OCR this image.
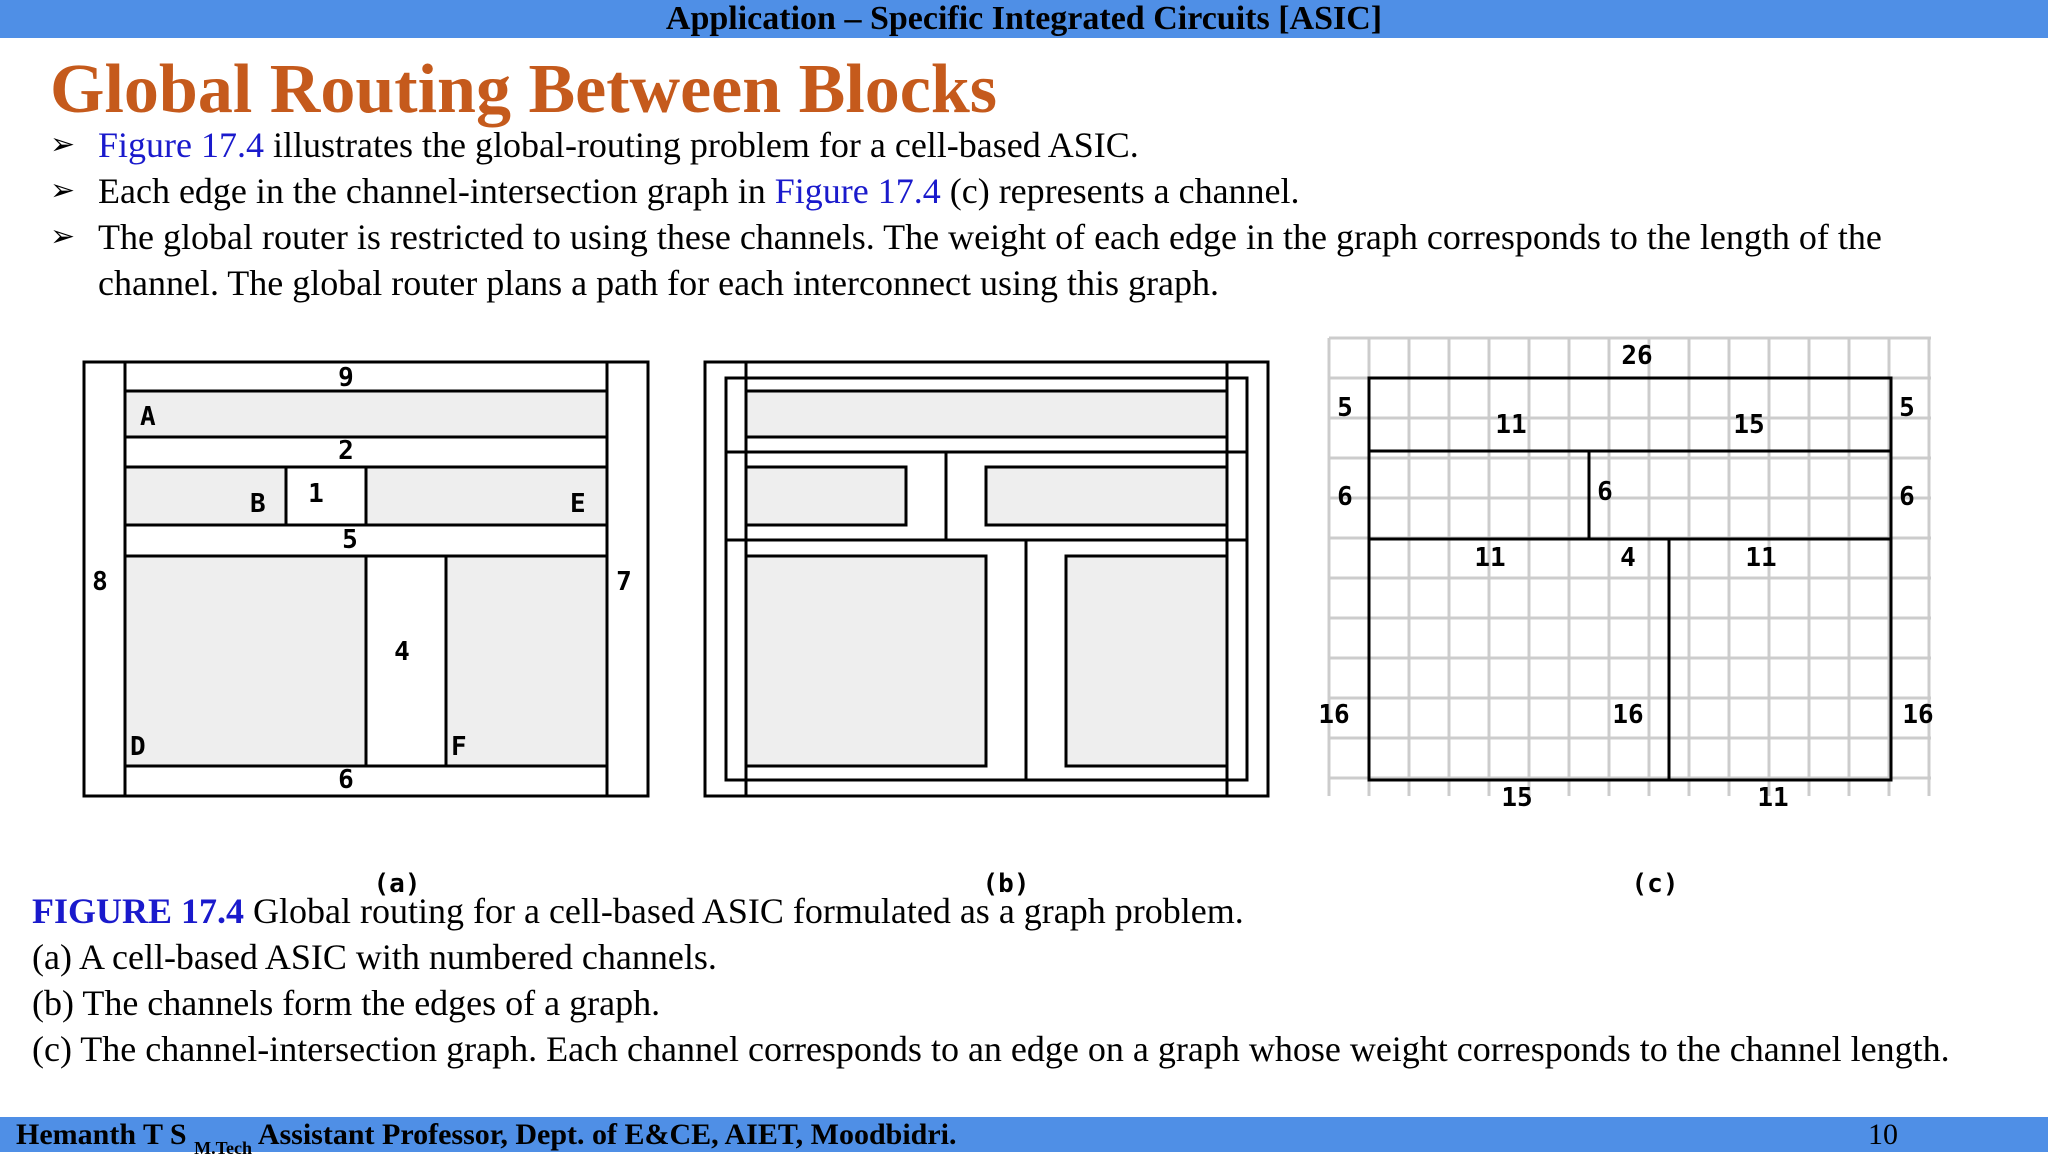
Application – Specific Integrated Circuits [ASIC]
Global Routing Between Blocks
➢ Figure 17.4 illustrates the global-routing problem for a cell-based ASIC.
➢ Each edge in the channel-intersection graph in Figure 17.4 (c) represents a channel.
➢ The global router is restricted to using these channels. The weight of each edge in the graph corresponds to the length of the channel. The global router plans a path for each interconnect using this graph.
9
2
1
5
4
6
8	7
A
B	E
D	F
(a)	(b)
26
5	5
11	15
6	6	6
11	4	11
16	16	16
15	11
(c)
FIGURE 17.4 Global routing for a cell-based ASIC formulated as a graph problem.
(a) A cell-based ASIC with numbered channels.
(b) The channels form the edges of a graph.
(c) The channel-intersection graph. Each channel corresponds to an edge on a graph whose weight corresponds to the channel length.
Hemanth T S $_{M.Tech}$ Assistant Professor, Dept. of E&CE, AIET, Moodbidri.	10
